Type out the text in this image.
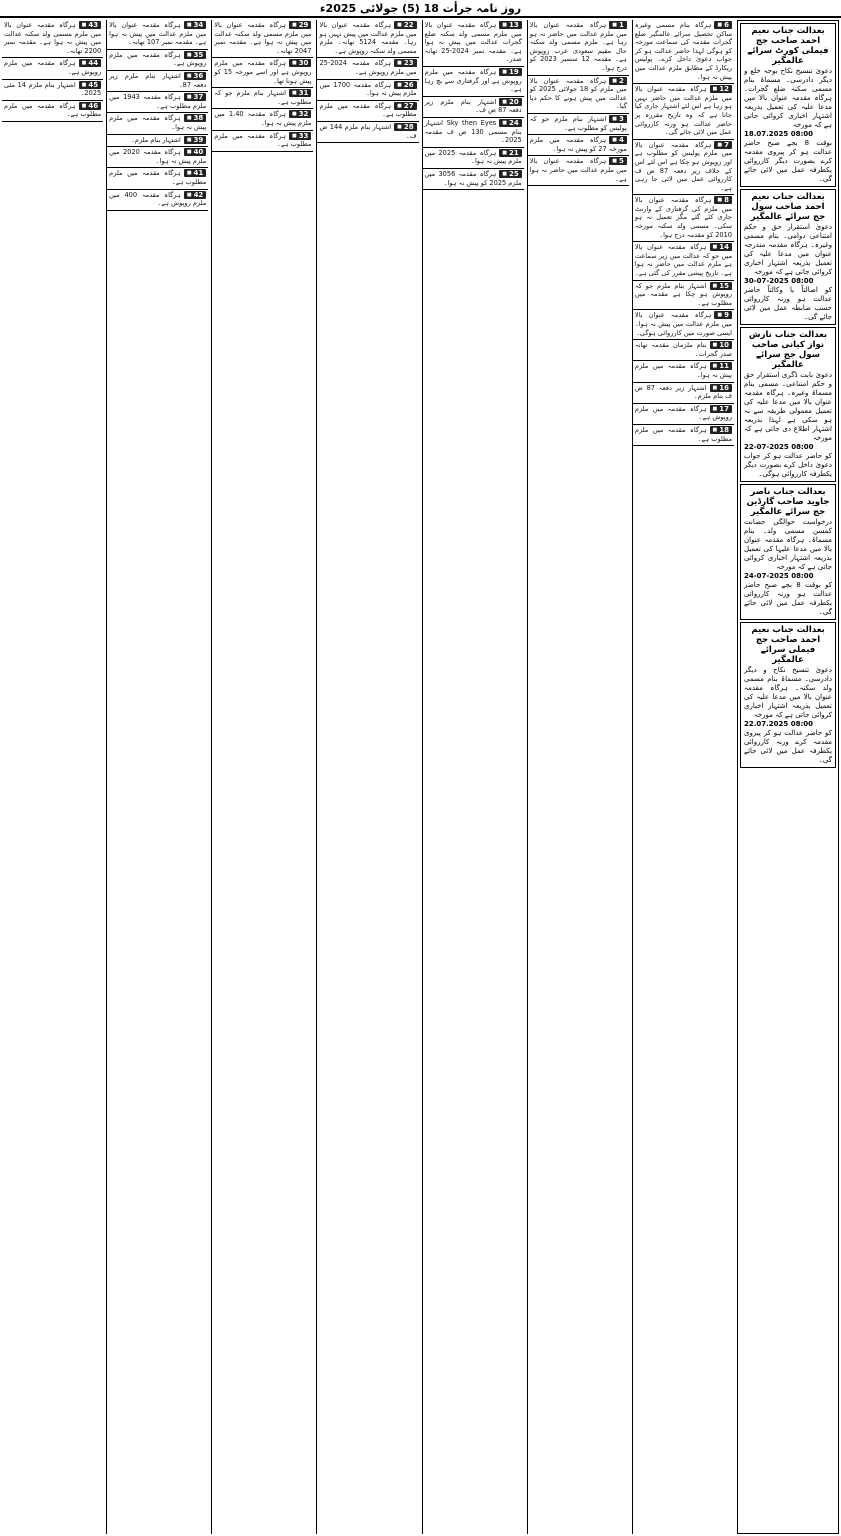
روز نامہ جرأت 18 (5) جولائی 2025ء
بعدالت جناب نعیم احمد صاحب جج فیملی کورٹ سرائے عالمگیر
دعویٰ تنسیخ نکاح بوجہ خلع و دیگر دادرسی۔ مسماۃ بنام مسمی سکنہ ضلع گجرات۔ ہرگاہ مقدمہ عنوان بالا میں مدعا علیہ کی تعمیل بذریعہ اشتہار اخباری کروائی جاتی ہے کہ مورخہ
18.07.2025 08:00
بوقت 8 بجے صبح حاضر عدالت ہو کر پیروی مقدمہ کرے بصورت دیگر کارروائی یکطرفہ عمل میں لائی جائے گی۔
بعدالت جناب نعیم احمد صاحب سول جج سرائے عالمگیر
دعویٰ استقرار حق و حکم امتناعی دوامی۔ بنام مسمی وغیرہ۔ ہرگاہ مقدمہ مندرجہ عنوان میں مدعا علیہ کی تعمیل بذریعہ اشتہار اخباری کروائی جاتی ہے کہ مورخہ
30-07-2025 08:00
کو اصالتاً یا وکالتاً حاضر عدالت ہو ورنہ کارروائی حسب ضابطہ عمل میں لائی جائے گی۔
بعدالت جناب نازش نواز کیانی صاحب سول جج سرائے عالمگیر
دعویٰ بابت ڈگری استقرار حق و حکم امتناعی۔ مسمی بنام مسماۃ وغیرہ۔ ہرگاہ مقدمہ عنوان بالا میں مدعا علیہ کی تعمیل معمولی طریقہ سے نہ ہو سکی ہے لہذا بذریعہ اشتہار اطلاع دی جاتی ہے کہ مورخہ
22-07-2025 08:00
کو حاضر عدالت ہو کر جواب دعویٰ داخل کرے بصورت دیگر یکطرفہ کارروائی ہوگی۔
بعدالت جناب ناصر جاوید صاحب گارڈین جج سرائے عالمگیر
درخواست حوالگی حضانت کمسن مسمی ولد۔ بنام مسماۃ۔ ہرگاہ مقدمہ عنوان بالا میں مدعا علیہا کی تعمیل بذریعہ اشتہار اخباری کروائی جاتی ہے کہ مورخہ
24-07-2025 08:00
کو بوقت 8 بجے صبح حاضر عدالت ہو ورنہ کارروائی یکطرفہ عمل میں لائی جائے گی۔
بعدالت جناب نعیم احمد صاحب جج فیملی سرائے عالمگیر
دعویٰ تنسیخ نکاح و دیگر دادرسی۔ مسماۃ بنام مسمی ولد سکنہ۔ ہرگاہ مقدمہ عنوان بالا میں مدعا علیہ کی تعمیل بذریعہ اشتہار اخباری کروائی جاتی ہے کہ مورخہ
22.07.2025 08:00
کو حاضر عدالت ہو کر پیروی مقدمہ کرے ورنہ کارروائی یکطرفہ عمل میں لائی جائے گی۔
■ 6ہرگاہ بنام مسمی وغیرہ ساکن تحصیل سرائے عالمگیر ضلع گجرات مقدمہ کی سماعت مورخہ کو ہوگی لہذا حاضر عدالت ہو کر جواب دعویٰ داخل کرے۔ پولیس ریکارڈ کے مطابق ملزم عدالت میں پیش نہ ہوا۔
■ 12ہرگاہ مقدمہ عنوان بالا میں ملزم عدالت میں حاضر نہیں ہو رہا ہے اس لئے اشتہار جاری کیا جاتا ہے کہ وہ تاریخ مقررہ پر حاضر عدالت ہو ورنہ کارروائی عمل میں لائی جائے گی۔
■ 7ہرگاہ مقدمہ عنوان بالا میں ملزم پولیس کو مطلوب ہے اور روپوش ہو چکا ہے اس لئے اس کے خلاف زیر دفعہ 87 ض ف کارروائی عمل میں لائی جا رہی ہے۔
■ 8ہرگاہ مقدمہ عنوان بالا میں ملزم کی گرفتاری کے وارنٹ جاری کئے گئے مگر تعمیل نہ ہو سکی۔ مسمی ولد سکنہ مورخہ 2010 کو مقدمہ درج ہوا۔
■ 14ہرگاہ مقدمہ عنوان بالا میں جو کہ عدالت میں زیر سماعت ہے ملزم عدالت میں حاضر نہ ہوا ہے۔ تاریخ پیشی مقرر کی گئی ہے۔
■ 15اشتہار بنام ملزم جو کہ روپوش ہو چکا ہے مقدمہ میں مطلوب ہے۔
■ 9ہرگاہ مقدمہ عنوان بالا میں ملزم عدالت میں پیش نہ ہوا۔ ایسی صورت میں کارروائی ہوگی۔
■ 10بنام ملزمان مقدمہ تھانہ صدر گجرات۔
■ 11ہرگاہ مقدمہ میں ملزم پیش نہ ہوا۔
■ 16اشتہار زیر دفعہ 87 ض ف بنام ملزم۔
■ 17ہرگاہ مقدمہ میں ملزم روپوش ہے۔
■ 18ہرگاہ مقدمہ میں ملزم مطلوب ہے۔
■ 1ہرگاہ مقدمہ عنوان بالا میں ملزم عدالت میں حاضر نہ ہو رہا ہے۔ ملزم مسمی ولد سکنہ حال مقیم سعودی عرب روپوش ہے۔ مقدمہ 12 ستمبر 2023 کو درج ہوا۔
■ 2ہرگاہ مقدمہ عنوان بالا میں ملزم کو 18 جولائی 2025 کو عدالت میں پیش ہونے کا حکم دیا گیا۔
■ 3اشتہار بنام ملزم جو کہ پولیس کو مطلوب ہے۔
■ 4ہرگاہ مقدمہ میں ملزم مورخہ 27 کو پیش نہ ہوا۔
■ 5ہرگاہ مقدمہ عنوان بالا میں ملزم عدالت میں حاضر نہ ہوا ہے۔
■ 13ہرگاہ مقدمہ عنوان بالا میں ملزم مسمی ولد سکنہ ضلع گجرات عدالت میں پیش نہ ہوا ہے۔ مقدمہ نمبر 2024-25 تھانہ صدر۔
■ 19ہرگاہ مقدمہ میں ملزم روپوش ہے اور گرفتاری سے بچ رہا ہے۔
■ 20اشتہار بنام ملزم زیر دفعہ 87 ض ف۔
■ 24Sky then Eyes اشتہار بنام مسمی 130 ض ف مقدمہ 2025۔
■ 21ہرگاہ مقدمہ 2025 میں ملزم پیش نہ ہوا۔
■ 25ہرگاہ مقدمہ 3056 میں ملزم 2025 کو پیش نہ ہوا۔
■ 22ہرگاہ مقدمہ عنوان بالا میں ملزم عدالت میں پیش نہیں ہو رہا۔ مقدمہ 5124 تھانہ۔ ملزم مسمی ولد سکنہ روپوش ہے۔
■ 23ہرگاہ مقدمہ 2024-25 میں ملزم روپوش ہے۔
■ 26ہرگاہ مقدمہ 1700 میں ملزم پیش نہ ہوا۔
■ 27ہرگاہ مقدمہ میں ملزم مطلوب ہے۔
■ 28اشتہار بنام ملزم 144 ض ف۔
■ 29ہرگاہ مقدمہ عنوان بالا میں ملزم مسمی ولد سکنہ عدالت میں پیش نہ ہوا ہے۔ مقدمہ نمبر 2047 تھانہ۔
■ 30ہرگاہ مقدمہ میں ملزم روپوش ہے اور اسے مورخہ 15 کو پیش ہونا تھا۔
■ 31اشتہار بنام ملزم جو کہ مطلوب ہے۔
■ 32ہرگاہ مقدمہ 1.40 میں ملزم پیش نہ ہوا۔
■ 33ہرگاہ مقدمہ میں ملزم مطلوب ہے۔
■ 34ہرگاہ مقدمہ عنوان بالا میں ملزم عدالت میں پیش نہ ہوا ہے۔ مقدمہ نمبر 107 تھانہ۔
■ 35ہرگاہ مقدمہ میں ملزم روپوش ہے۔
■ 36اشتہار بنام ملزم زیر دفعہ 87۔
■ 37ہرگاہ مقدمہ 1943 میں ملزم مطلوب ہے۔
■ 38ہرگاہ مقدمہ میں ملزم پیش نہ ہوا۔
■ 39اشتہار بنام ملزم۔
■ 40ہرگاہ مقدمہ 2020 میں ملزم پیش نہ ہوا۔
■ 41ہرگاہ مقدمہ میں ملزم مطلوب ہے۔
■ 42ہرگاہ مقدمہ 400 میں ملزم روپوش ہے۔
■ 43ہرگاہ مقدمہ عنوان بالا میں ملزم مسمی ولد سکنہ عدالت میں پیش نہ ہوا ہے۔ مقدمہ نمبر 2200 تھانہ۔
■ 44ہرگاہ مقدمہ میں ملزم روپوش ہے۔
■ 45اشتہار بنام ملزم 14 مئی 2025۔
■ 46ہرگاہ مقدمہ میں ملزم مطلوب ہے۔
